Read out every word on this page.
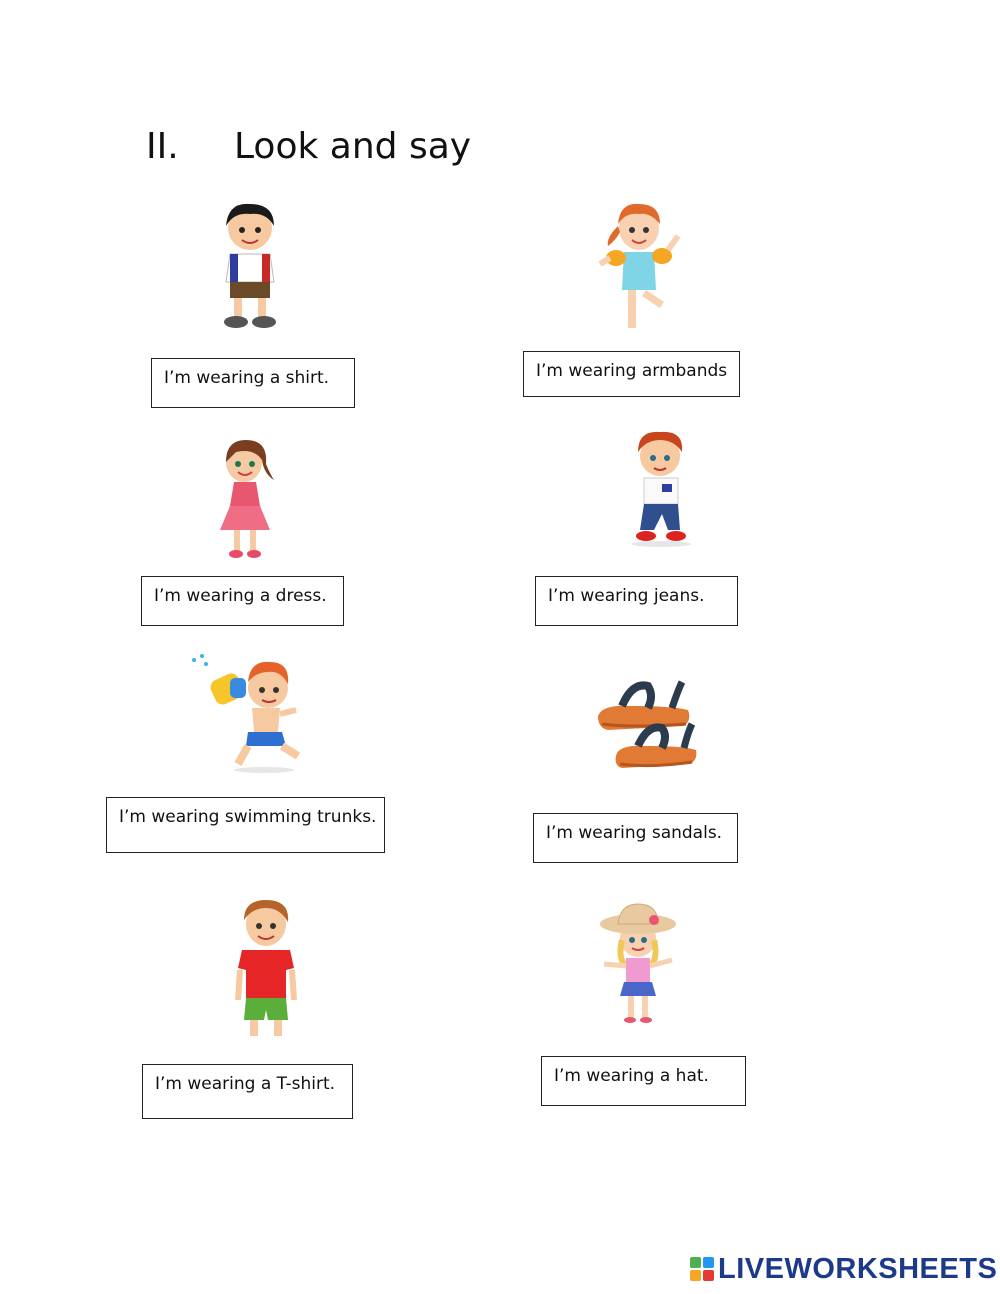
II. Look and say
I’m wearing a shirt.	I’m wearing armbands
I’m wearing a dress.	I’m wearing jeans.
I’m wearing swimming trunks.
I’m wearing sandals.
I’m wearing a T-shirt.	I’m wearing a hat.
LIVEWORKSHEETS
